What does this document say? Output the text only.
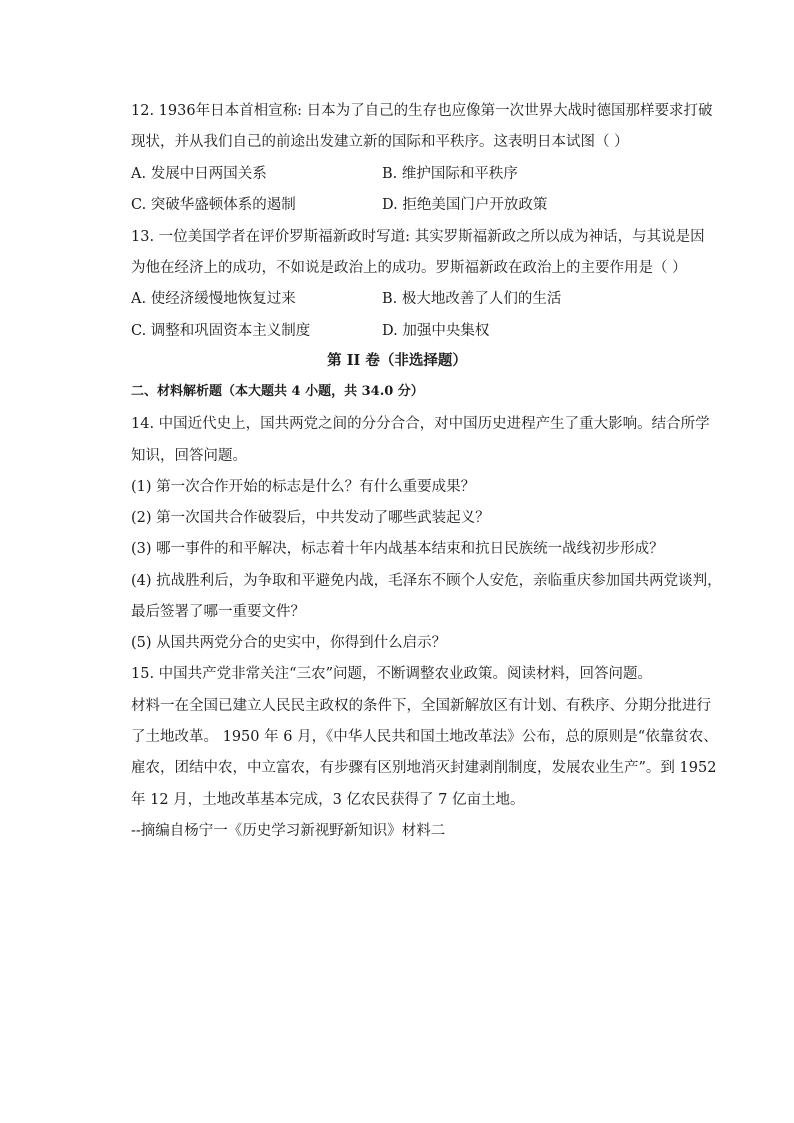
12. 1936年日本首相宣称: 日本为了自己的生存也应像第一次世界大战时德国那样要求打破
现状，并从我们自己的前途出发建立新的国际和平秩序。这表明日本试图（ ）
A. 发展中日两国关系	B. 维护国际和平秩序
C. 突破华盛顿体系的遏制	D. 拒绝美国门户开放政策
13. 一位美国学者在评价罗斯福新政时写道: 其实罗斯福新政之所以成为神话，与其说是因
为他在经济上的成功，不如说是政治上的成功。罗斯福新政在政治上的主要作用是（ ）
A. 使经济缓慢地恢复过来	B. 极大地改善了人们的生活
C. 调整和巩固资本主义制度	D. 加强中央集权
第 II 卷（非选择题）
二、材料解析题（本大题共 4 小题，共 34.0 分）
14. 中国近代史上，国共两党之间的分分合合，对中国历史进程产生了重大影响。结合所学
知识，回答问题。
(1) 第一次合作开始的标志是什么？有什么重要成果？
(2) 第一次国共合作破裂后，中共发动了哪些武装起义？
(3) 哪一事件的和平解决，标志着十年内战基本结束和抗日民族统一战线初步形成？
(4) 抗战胜利后，为争取和平避免内战，毛泽东不顾个人安危，亲临重庆参加国共两党谈判，
最后签署了哪一重要文件？
(5) 从国共两党分合的史实中，你得到什么启示？
15. 中国共产党非常关注“三农”问题，不断调整农业政策。阅读材料，回答问题。
材料一在全国已建立人民民主政权的条件下，全国新解放区有计划、有秩序、分期分批进行
了土地改革。 1950 年 6 月，《中华人民共和国土地改革法》公布，总的原则是“依靠贫农、
雇农，团结中农，中立富农，有步骤有区别地消灭封建剥削制度，发展农业生产”。到 1952
年 12 月，土地改革基本完成，3 亿农民获得了 7 亿亩土地。
--摘编自杨宁一《历史学习新视野新知识》材料二
